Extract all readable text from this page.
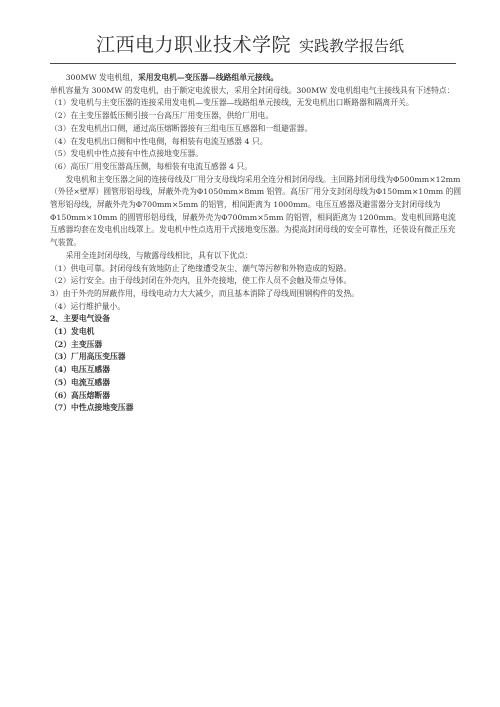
江西电力职业技术学院 实践教学报告纸

300MW 发电机组，采用发电机—变压器—线路组单元接线。

单机容量为 300MW 的发电机，由于额定电流很大，采用全封闭母线。300MW 发电机组电气主接线具有下述特点：

（1）发电机与主变压器的连接采用发电机—变压器—线路组单元接线，无发电机出口断路器和隔离开关。

（2）在主变压器低压侧引接一台高压厂用变压器，供给厂用电。

（3）在发电机出口侧，通过高压熔断器接有三组电压互感器和一组避雷器。

（4）在发电机出口侧和中性电侧，每相装有电流互感器 4 只。

（5）发电机中性点接有中性点接地变压器。

（6）高压厂用变压器高压侧，每相装有电流互感器 4 只。

发电机和主变压器之间的连接母线及厂用分支母线均采用全连分相封闭母线。主回路封闭母线为Φ500mm×12mm（外径×壁厚）圆管形铝母线，屏蔽外壳为Φ1050mm×8mm 铝管。高压厂用分支封闭母线为Φ150mm×10mm 的圆管形铝母线，屏蔽外壳为Φ700mm×5mm 的铝管，相间距离为 1000mm。电压互感器及避雷器分支封闭母线为Φ150mm×10mm 的圆管形铝母线，屏蔽外壳为Φ700mm×5mm 的铝管，相间距离为 1200mm。发电机回路电流互感器均套在发电机出线罩上。发电机中性点选用干式接地变压器。为提高封闭母线的安全可靠性，还装设有微正压充气装置。

采用全连封闭母线，与敞露母线相比，具有以下优点：

（1）供电可靠。封闭母线有效地防止了绝缘遭受灰尘、潮气等污秽和外物造成的短路。

（2）运行安全。由于母线封闭在外壳内，且外壳接地，使工作人员不会触及带点导体。

3）由于外壳的屏蔽作用，母线电动力大大减少，而且基本消除了母线周围钢构件的发热。

（4）运行维护量小。

2、主要电气设备

（1）发电机

（2）主变压器

（3）厂用高压变压器

（4）电压互感器

（5）电流互感器

（6）高压熔断器

（7）中性点接地变压器
